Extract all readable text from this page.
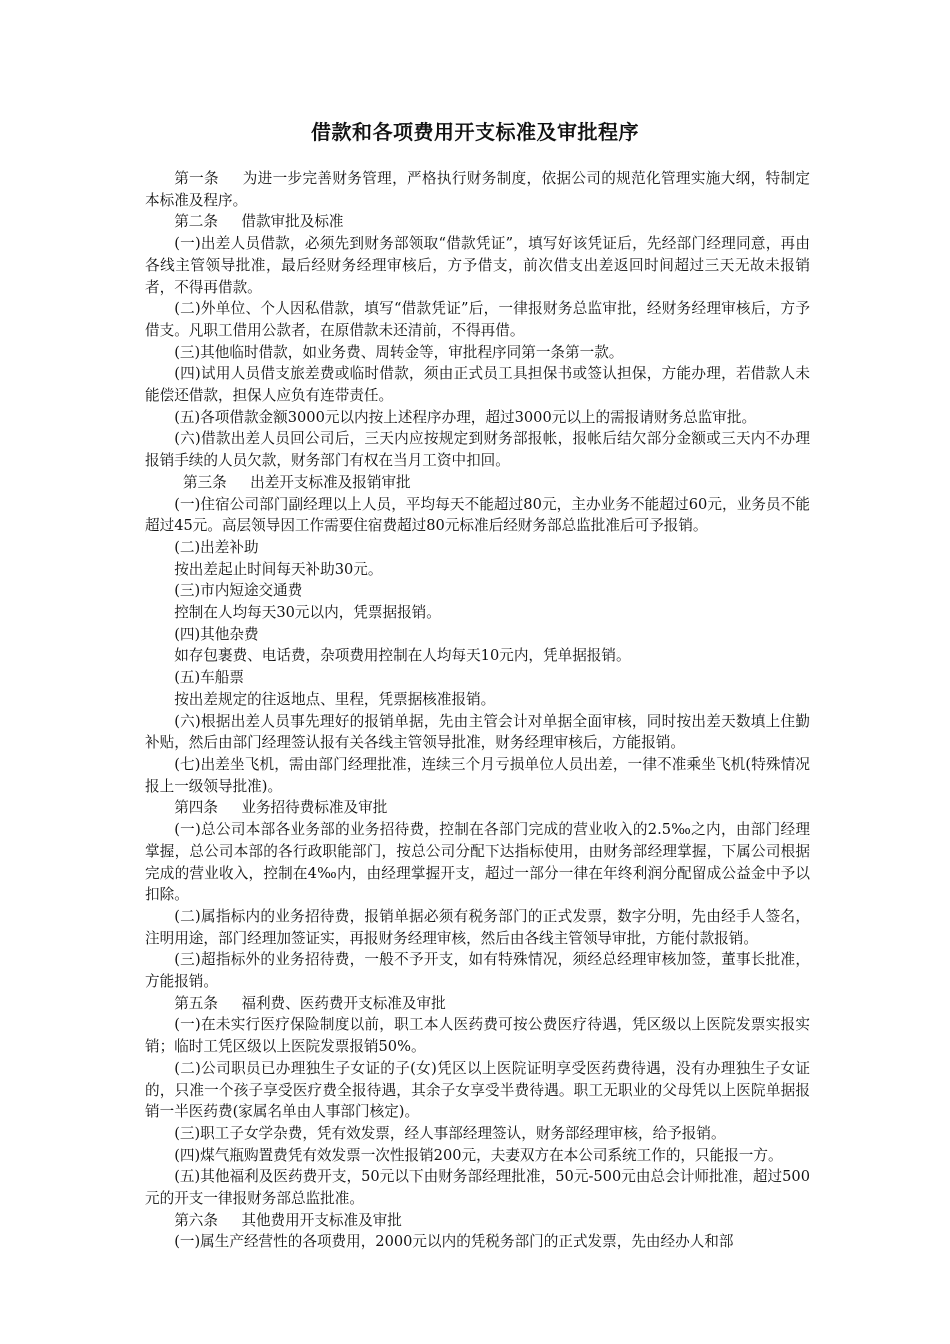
借款和各项费用开支标准及审批程序

第一条 为进一步完善财务管理，严格执行财务制度，依据公司的规范化管理实施大纲，特制定本标准及程序。

第二条 借款审批及标准

(一)出差人员借款，必须先到财务部领取“借款凭证”，填写好该凭证后，先经部门经理同意，再由各线主管领导批准，最后经财务经理审核后，方予借支，前次借支出差返回时间超过三天无故未报销者，不得再借款。

(二)外单位、个人因私借款，填写“借款凭证”后，一律报财务总监审批，经财务经理审核后，方予借支。凡职工借用公款者，在原借款未还清前，不得再借。

(三)其他临时借款，如业务费、周转金等，审批程序同第一条第一款。

(四)试用人员借支旅差费或临时借款，须由正式员工具担保书或签认担保，方能办理，若借款人未能偿还借款，担保人应负有连带责任。

(五)各项借款金额3000元以内按上述程序办理，超过3000元以上的需报请财务总监审批。

(六)借款出差人员回公司后，三天内应按规定到财务部报帐，报帐后结欠部分金额或三天内不办理报销手续的人员欠款，财务部门有权在当月工资中扣回。

第三条 出差开支标准及报销审批

(一)住宿公司部门副经理以上人员，平均每天不能超过80元，主办业务不能超过60元，业务员不能超过45元。高层领导因工作需要住宿费超过80元标准后经财务部总监批准后可予报销。

(二)出差补助

按出差起止时间每天补助30元。

(三)市内短途交通费

控制在人均每天30元以内，凭票据报销。

(四)其他杂费

如存包裹费、电话费，杂项费用控制在人均每天10元内，凭单据报销。

(五)车船票

按出差规定的往返地点、里程，凭票据核准报销。

(六)根据出差人员事先理好的报销单据，先由主管会计对单据全面审核，同时按出差天数填上住勤补贴，然后由部门经理签认报有关各线主管领导批准，财务经理审核后，方能报销。

(七)出差坐飞机，需由部门经理批准，连续三个月亏损单位人员出差，一律不准乘坐飞机(特殊情况报上一级领导批准)。

第四条 业务招待费标准及审批

(一)总公司本部各业务部的业务招待费，控制在各部门完成的营业收入的2.5‰之内，由部门经理掌握，总公司本部的各行政职能部门，按总公司分配下达指标使用，由财务部经理掌握，下属公司根据完成的营业收入，控制在4‰内，由经理掌握开支，超过一部分一律在年终利润分配留成公益金中予以扣除。

(二)属指标内的业务招待费，报销单据必须有税务部门的正式发票，数字分明，先由经手人签名，注明用途，部门经理加签证实，再报财务经理审核，然后由各线主管领导审批，方能付款报销。

(三)超指标外的业务招待费，一般不予开支，如有特殊情况，须经总经理审核加签，董事长批准，方能报销。

第五条 福利费、医药费开支标准及审批

(一)在未实行医疗保险制度以前，职工本人医药费可按公费医疗待遇，凭区级以上医院发票实报实销；临时工凭区级以上医院发票报销50%。

(二)公司职员已办理独生子女证的子(女)凭区以上医院证明享受医药费待遇，没有办理独生子女证的，只准一个孩子享受医疗费全报待遇，其余子女享受半费待遇。职工无职业的父母凭以上医院单据报销一半医药费(家属名单由人事部门核定)。

(三)职工子女学杂费，凭有效发票，经人事部经理签认，财务部经理审核，给予报销。

(四)煤气瓶购置费凭有效发票一次性报销200元，夫妻双方在本公司系统工作的，只能报一方。

(五)其他福利及医药费开支，50元以下由财务部经理批准，50元-500元由总会计师批准，超过500元的开支一律报财务部总监批准。

第六条 其他费用开支标准及审批

(一)属生产经营性的各项费用，2000元以内的凭税务部门的正式发票，先由经办人和部
